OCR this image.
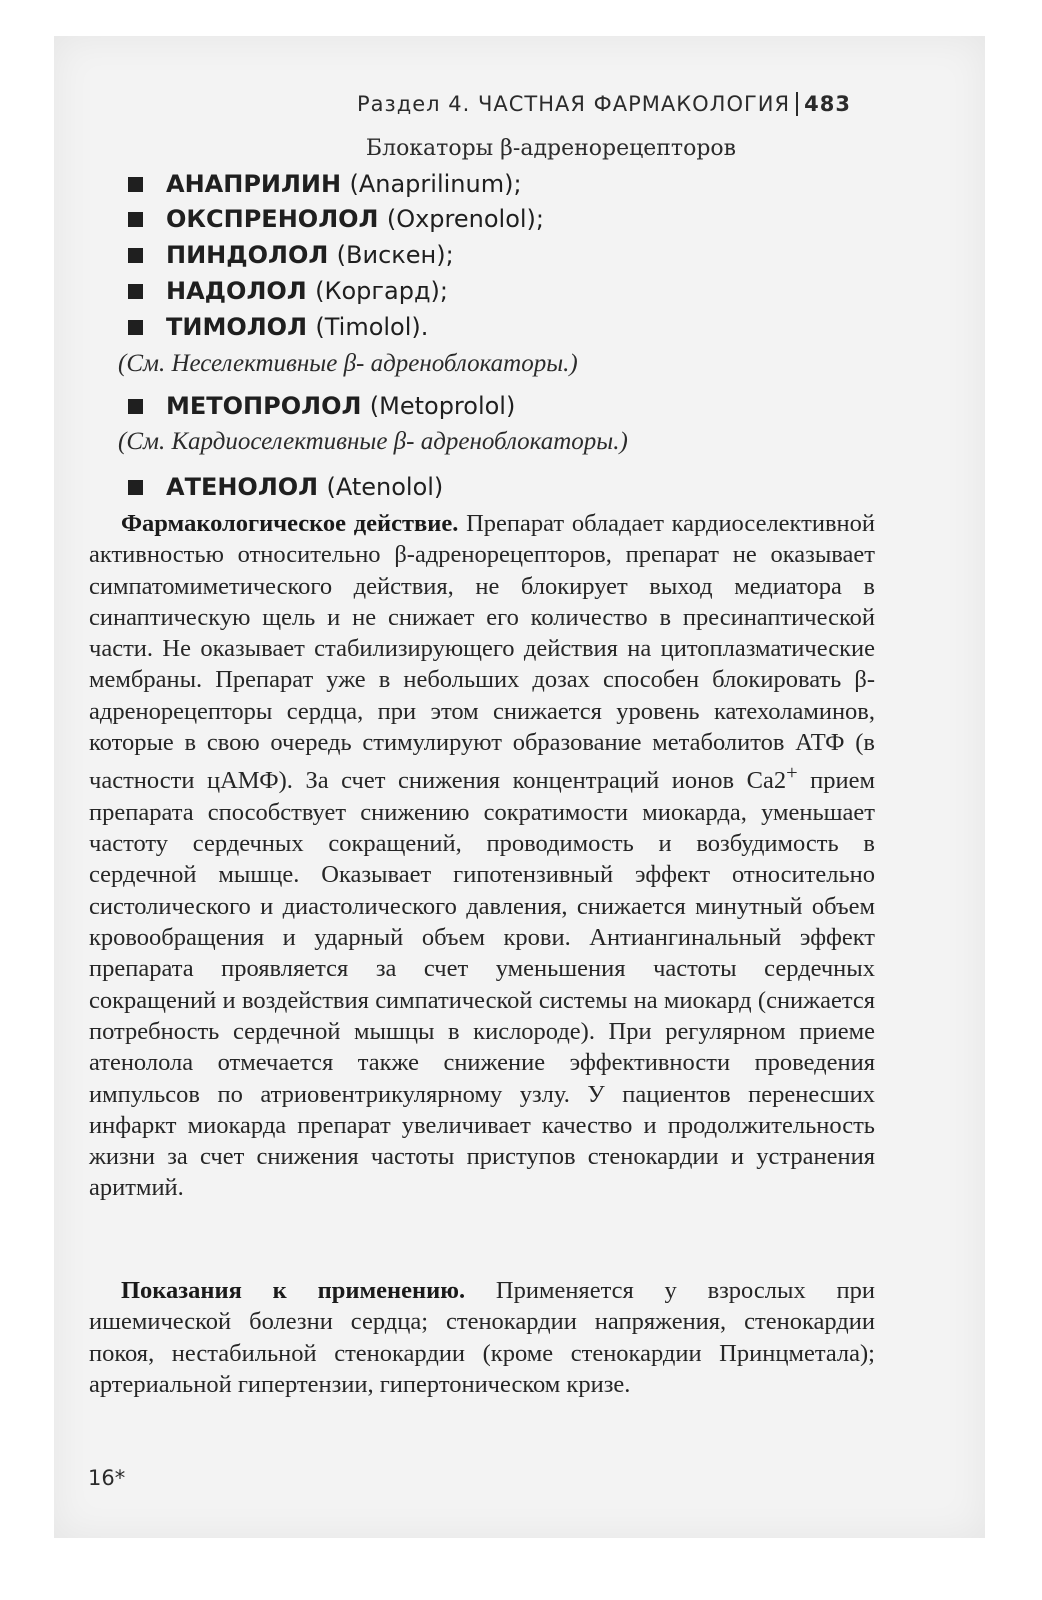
Раздел 4. ЧАСТНАЯ ФАРМАКОЛОГИЯ 483
Блокаторы β-адренорецепторов
АНАПРИЛИН
(Anaprilinum);
ОКСПРЕНОЛОЛ
(Oxprenolol);
ПИНДОЛОЛ
(Вискен);
НАДОЛОЛ
(Коргард);
ТИМОЛОЛ
(Timolol).
(См. Неселективные β- адреноблокаторы.)
МЕТОПРОЛОЛ
(Metoprolol)
(См. Кардиоселективные β- адреноблокаторы.)
АТЕНОЛОЛ
(Atenolol)

Фармакологическое действие. Препарат обладает кардиоселективной активностью относительно β-адренорецепторов, препарат не оказывает симпатомиметического действия, не блокирует выход медиатора в синаптическую щель и не снижает его количество в пресинаптической части. Не оказывает стабилизирующего действия на цитоплазматические мембраны. Препарат уже в небольших дозах способен блокировать β-адренорецепторы сердца, при этом снижается уровень катехоламинов, которые в свою очередь стимулируют образование метаболитов АТФ (в частности цАМФ). За счет снижения концентраций ионов Ca2+ прием препарата способствует снижению сократимости миокарда, уменьшает частоту сердечных сокращений, проводимость и возбудимость в сердечной мышце. Оказывает гипотензивный эффект относительно систолического и диастолического давления, снижается минутный объем кровообращения и ударный объем крови. Антиангинальный эффект препарата проявляется за счет уменьшения частоты сердечных сокращений и воздействия симпатической системы на миокард (снижается потребность сердечной мышцы в кислороде). При регулярном приеме атенолола отмечается также снижение эффективности проведения импульсов по атриовентрикулярному узлу. У пациентов перенесших инфаркт миокарда препарат увеличивает качество и продолжительность жизни за счет снижения частоты приступов стенокардии и устранения аритмий.

Показания к применению. Применяется у взрослых при ишемической болезни сердца; стенокардии напряжения, стенокардии покоя, нестабильной стенокардии (кроме стенокардии Принцметала); артериальной гипертензии, гипертоническом кризе.

16*
